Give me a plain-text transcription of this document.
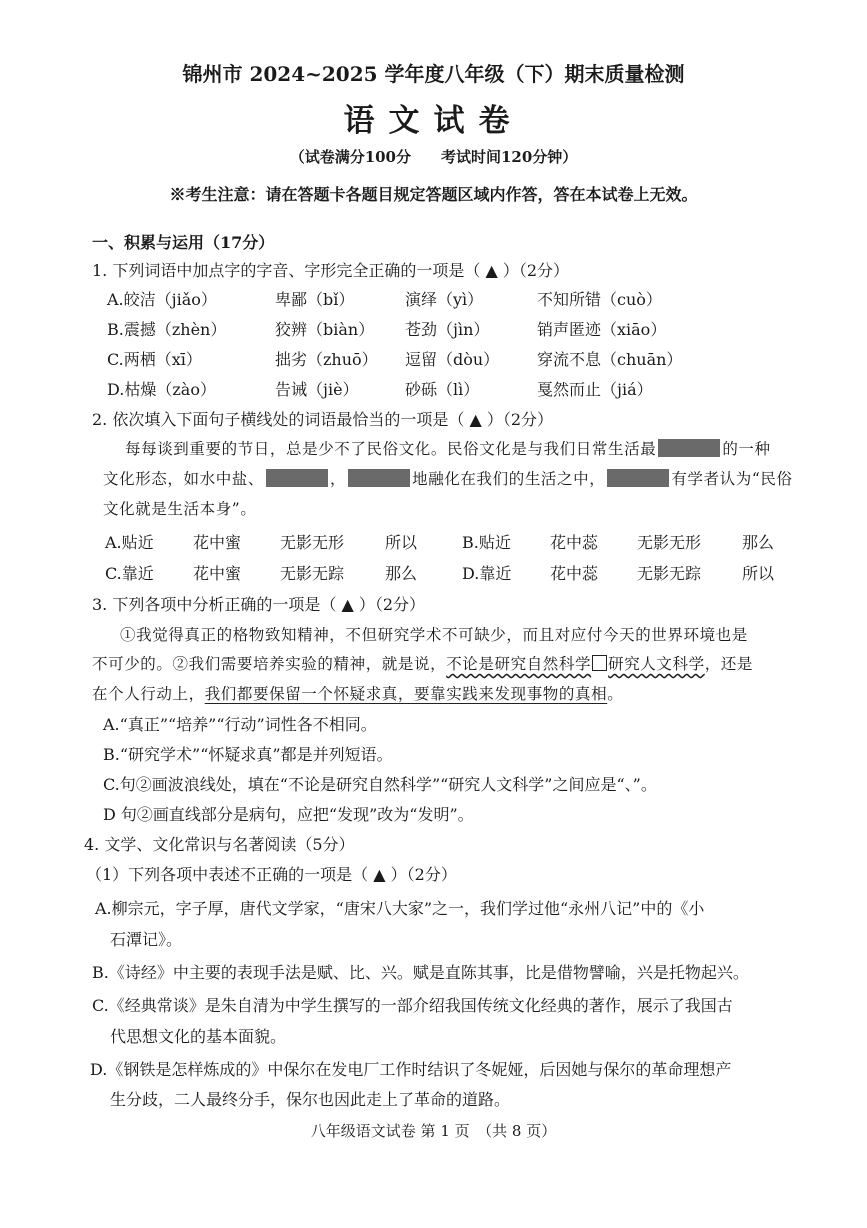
锦州市 2024~2025 学年度八年级（下）期末质量检测
语文试卷
（试卷满分100分　　考试时间120分钟）
※考生注意：请在答题卡各题目规定答题区域内作答，答在本试卷上无效。
一、积累与运用（17分）
1. 下列词语中加点字的字音、字形完全正确的一项是（ ▲ ）（2分）
A.皎洁（jiǎo）	卑鄙（bǐ）	演绎（yì）	不知所错（cuò）
B.震撼（zhèn）	狡辨（biàn） 苍劲（jìn）	销声匿迹（xiāo）
C.两栖（xī）	拙劣（zhuō） 逗留（dòu） 穿流不息（chuān）
D.枯燥（zào）	告诫（jiè）	砂砾（lì）	戛然而止（jiá）
2. 依次填入下面句子横线处的词语最恰当的一项是（ ▲ ）（2分）
每每谈到重要的节日，总是少不了民俗文化。民俗文化是与我们日常生活最	的一种
文化形态，如水中盐、	，	地融化在我们的生活之中，	有学者认为“民俗
文化就是生活本身”。
A.贴近 花中蜜 无影无形	所以	B.贴近 花中蕊 无影无形	那么
C.靠近 花中蜜 无影无踪	那么	D.靠近 花中蕊 无影无踪	所以
3. 下列各项中分析正确的一项是（ ▲ ）（2分）
①我觉得真正的格物致知精神，不但研究学术不可缺少，而且对应付今天的世界环境也是
不可少的。②我们需要培养实验的精神，就是说，不论是研究自然科学 研究人文科学，还是
在个人行动上，我们都要保留一个怀疑求真，要靠实践来发现事物的真相。
A.“真正”“培养”“行动”词性各不相同。
B.“研究学术”“怀疑求真”都是并列短语。
C.句②画波浪线处，填在“不论是研究自然科学”“研究人文科学”之间应是“、”。
D 句②画直线部分是病句，应把“发现”改为“发明”。
4. 文学、文化常识与名著阅读（5分）
（1）下列各项中表述不正确的一项是（ ▲ ）（2分）
A.柳宗元，字子厚，唐代文学家，“唐宋八大家”之一，我们学过他“永州八记”中的《小
石潭记》。
B.《诗经》中主要的表现手法是赋、比、兴。赋是直陈其事，比是借物譬喻，兴是托物起兴。
C.《经典常谈》是朱自清为中学生撰写的一部介绍我国传统文化经典的著作，展示了我国古
代思想文化的基本面貌。
D.《钢铁是怎样炼成的》中保尔在发电厂工作时结识了冬妮娅，后因她与保尔的革命理想产
生分歧，二人最终分手，保尔也因此走上了革命的道路。
八年级语文试卷 第 1 页　（共 8 页）
